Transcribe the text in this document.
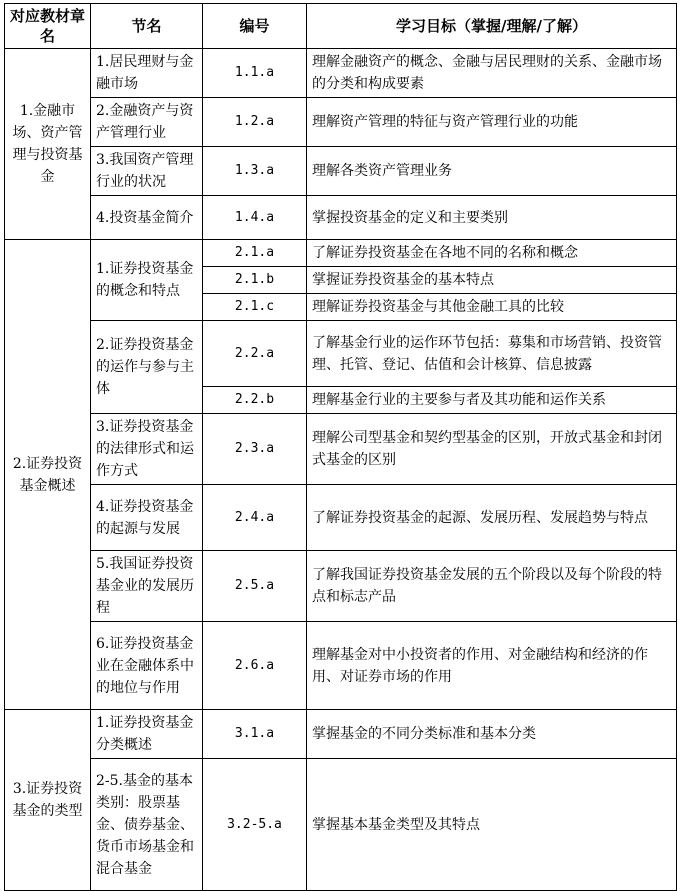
对应教材章名	节名	编号	学习目标（掌握/理解/了解）
1.金融市场、资产管理与投资基金	1.居民理财与金融市场	1.1.a	理解金融资产的概念、金融与居民理财的关系、金融市场的分类和构成要素
	2.金融资产与资产管理行业	1.2.a	理解资产管理的特征与资产管理行业的功能
	3.我国资产管理行业的状况	1.3.a	理解各类资产管理业务
	4.投资基金简介	1.4.a	掌握投资基金的定义和主要类别
2.证券投资基金概述	1.证券投资基金的概念和特点	2.1.a	了解证券投资基金在各地不同的名称和概念
		2.1.b	掌握证券投资基金的基本特点
		2.1.c	理解证券投资基金与其他金融工具的比较
	2.证券投资基金的运作与参与主体	2.2.a	了解基金行业的运作环节包括：募集和市场营销、投资管理、托管、登记、估值和会计核算、信息披露
		2.2.b	理解基金行业的主要参与者及其功能和运作关系
	3.证券投资基金的法律形式和运作方式	2.3.a	理解公司型基金和契约型基金的区别，开放式基金和封闭式基金的区别
	4.证券投资基金的起源与发展	2.4.a	了解证券投资基金的起源、发展历程、发展趋势与特点
	5.我国证券投资基金业的发展历程	2.5.a	了解我国证券投资基金发展的五个阶段以及每个阶段的特点和标志产品
	6.证券投资基金业在金融体系中的地位与作用	2.6.a	理解基金对中小投资者的作用、对金融结构和经济的作用、对证券市场的作用
3.证券投资基金的类型	1.证券投资基金分类概述	3.1.a	掌握基金的不同分类标准和基本分类
	2-5.基金的基本类别：股票基金、债券基金、货币市场基金和混合基金	3.2-5.a	掌握基本基金类型及其特点
